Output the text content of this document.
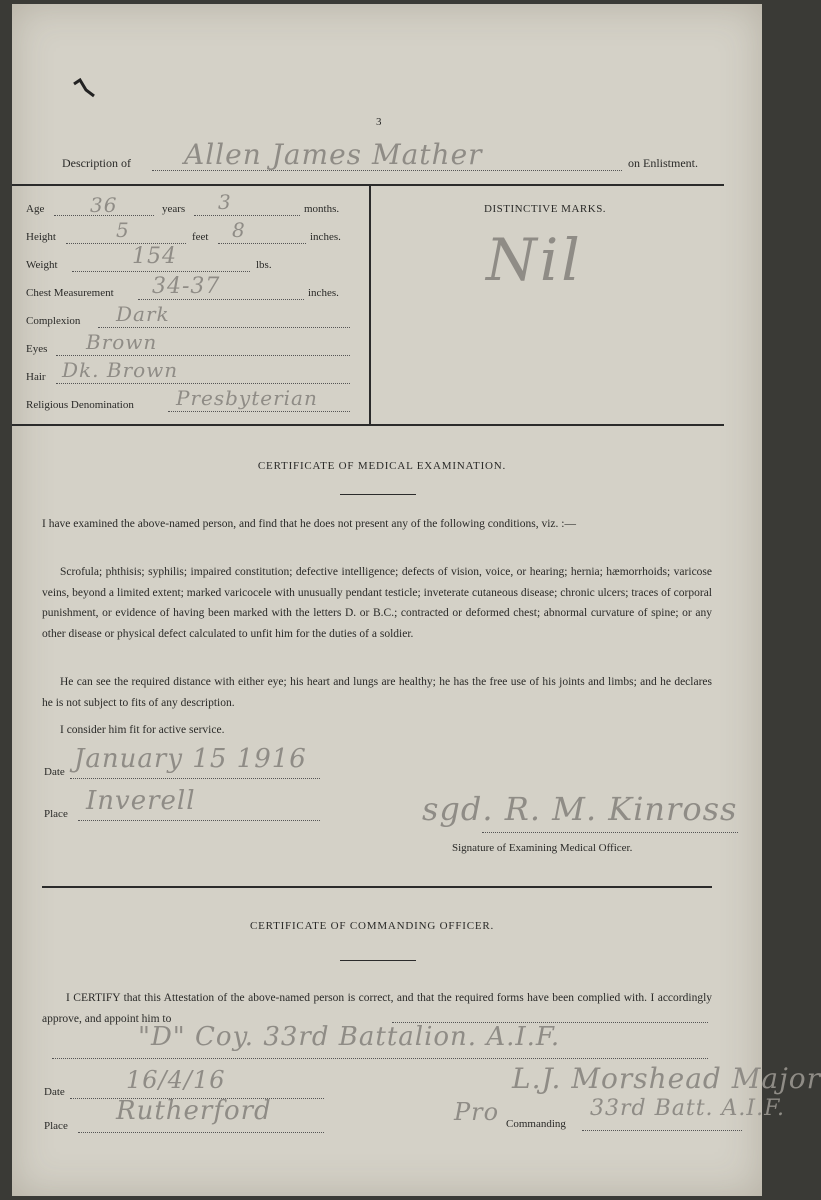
3
Description of Allen James Mather	on Enlistment.
Age 36	years 3	months.
Height	5	feet 8	inches.
Weight	154	lbs.
Chest Measurement 34-37	inches.
Complexion Dark
Eyes Brown
Hair Dk. Brown
Religious Denomination Presbyterian
DISTINCTIVE MARKS.
Nil
CERTIFICATE OF MEDICAL EXAMINATION.
I have examined the above-named person, and find that he does not present any of the following conditions, viz. :—
Scrofula; phthisis; syphilis; impaired constitution; defective intelligence; defects of vision, voice, or hearing; hernia; hæmorrhoids; varicose veins, beyond a limited extent; marked varicocele with unusually pendant testicle; inveterate cutaneous disease; chronic ulcers; traces of corporal punishment, or evidence of having been marked with the letters D. or B.C.; contracted or deformed chest; abnormal curvature of spine; or any other disease or physical defect calculated to unfit him for the duties of a soldier.
He can see the required distance with either eye; his heart and lungs are healthy; he has the free use of his joints and limbs; and he declares he is not subject to fits of any description.
I consider him fit for active service.
Date January 15 1916
Place Inverell	sgd. R. M. Kinross
Signature of Examining Medical Officer.
CERTIFICATE OF COMMANDING OFFICER.
I CERTIFY that this Attestation of the above-named person is correct, and that the required forms have been complied with. I accordingly approve, and appoint him to
"D" Coy. 33rd Battalion. A.I.F.
Date	16/4/16
Place Rutherford
L.J. Morshead Major
Pro Commanding
33rd Batt. A.I.F.
